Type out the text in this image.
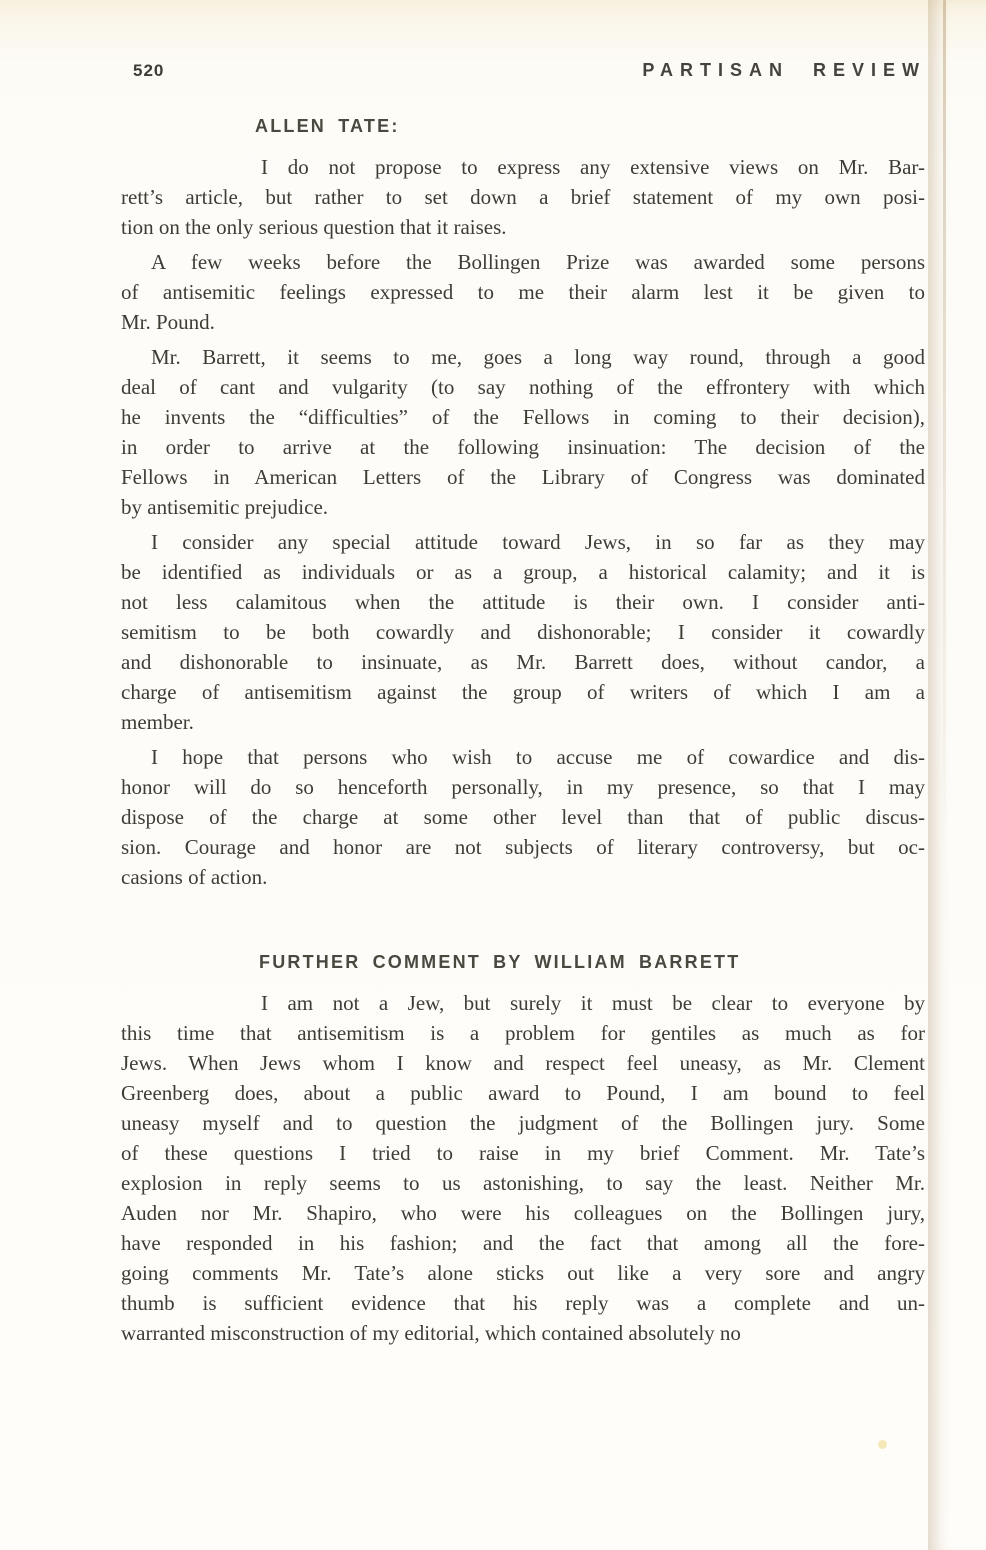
520	PARTISAN REVIEW
ALLEN TATE:
I do not propose to express any extensive views on Mr. Bar-
rett’s article, but rather to set down a brief statement of my own posi-
tion on the only serious question that it raises.
A few weeks before the Bollingen Prize was awarded some persons
of antisemitic feelings expressed to me their alarm lest it be given to
Mr. Pound.
Mr. Barrett, it seems to me, goes a long way round, through a good
deal of cant and vulgarity (to say nothing of the effrontery with which
he invents the “difficulties” of the Fellows in coming to their decision),
in order to arrive at the following insinuation: The decision of the
Fellows in American Letters of the Library of Congress was dominated
by antisemitic prejudice.
I consider any special attitude toward Jews, in so far as they may
be identified as individuals or as a group, a historical calamity; and it is
not less calamitous when the attitude is their own. I consider anti-
semitism to be both cowardly and dishonorable; I consider it cowardly
and dishonorable to insinuate, as Mr. Barrett does, without candor, a
charge of antisemitism against the group of writers of which I am a
member.
I hope that persons who wish to accuse me of cowardice and dis-
honor will do so henceforth personally, in my presence, so that I may
dispose of the charge at some other level than that of public discus-
sion. Courage and honor are not subjects of literary controversy, but oc-
casions of action.
FURTHER COMMENT BY WILLIAM BARRETT
I am not a Jew, but surely it must be clear to everyone by
this time that antisemitism is a problem for gentiles as much as for
Jews. When Jews whom I know and respect feel uneasy, as Mr. Clement
Greenberg does, about a public award to Pound, I am bound to feel
uneasy myself and to question the judgment of the Bollingen jury. Some
of these questions I tried to raise in my brief Comment. Mr. Tate’s
explosion in reply seems to us astonishing, to say the least. Neither Mr.
Auden nor Mr. Shapiro, who were his colleagues on the Bollingen jury,
have responded in his fashion; and the fact that among all the fore-
going comments Mr. Tate’s alone sticks out like a very sore and angry
thumb is sufficient evidence that his reply was a complete and un-
warranted misconstruction of my editorial, which contained absolutely no
